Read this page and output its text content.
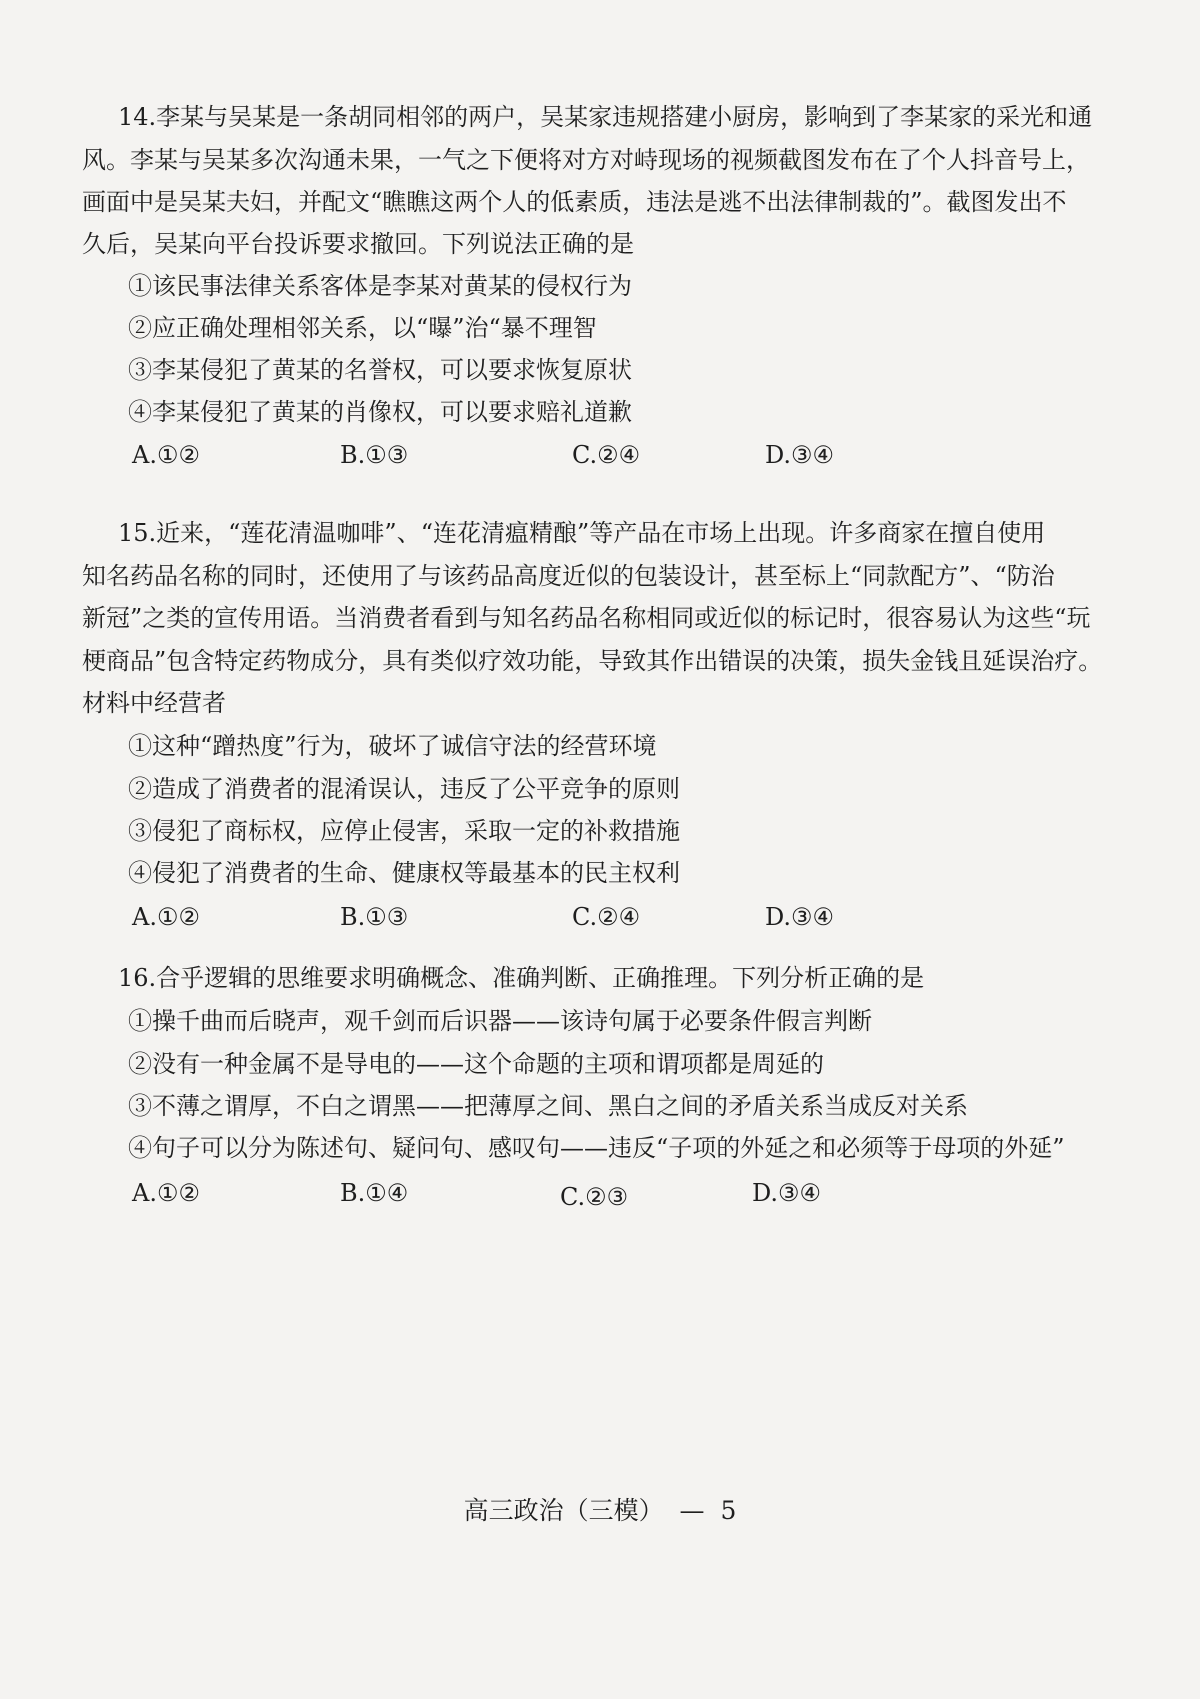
14.李某与吴某是一条胡同相邻的两户，吴某家违规搭建小厨房，影响到了李某家的采光和通
风。李某与吴某多次沟通未果，一气之下便将对方对峙现场的视频截图发布在了个人抖音号上，
画面中是吴某夫妇，并配文“瞧瞧这两个人的低素质，违法是逃不出法律制裁的”。截图发出不
久后，吴某向平台投诉要求撤回。下列说法正确的是
①该民事法律关系客体是李某对黄某的侵权行为
②应正确处理相邻关系，以“曝”治“暴不理智
③李某侵犯了黄某的名誉权，可以要求恢复原状
④李某侵犯了黄某的肖像权，可以要求赔礼道歉
A.①②	B.①③	C.②④	D.③④
15.近来，“莲花清温咖啡”、“连花清瘟精酿”等产品在市场上出现。许多商家在擅自使用
知名药品名称的同时，还使用了与该药品高度近似的包装设计，甚至标上“同款配方”、“防治
新冠”之类的宣传用语。当消费者看到与知名药品名称相同或近似的标记时，很容易认为这些“玩
梗商品”包含特定药物成分，具有类似疗效功能，导致其作出错误的决策，损失金钱且延误治疗。
材料中经营者
①这种“蹭热度”行为，破坏了诚信守法的经营环境
②造成了消费者的混淆误认，违反了公平竞争的原则
③侵犯了商标权，应停止侵害，采取一定的补救措施
④侵犯了消费者的生命、健康权等最基本的民主权利
A.①②	B.①③	C.②④	D.③④
16.合乎逻辑的思维要求明确概念、准确判断、正确推理。下列分析正确的是
①操千曲而后晓声，观千剑而后识器——该诗句属于必要条件假言判断
②没有一种金属不是导电的——这个命题的主项和谓项都是周延的
③不薄之谓厚，不白之谓黑——把薄厚之间、黑白之间的矛盾关系当成反对关系
④句子可以分为陈述句、疑问句、感叹句——违反“子项的外延之和必须等于母项的外延”
A.①②	B.①④	C.②③	D.③④
高三政治（三模） — 5
